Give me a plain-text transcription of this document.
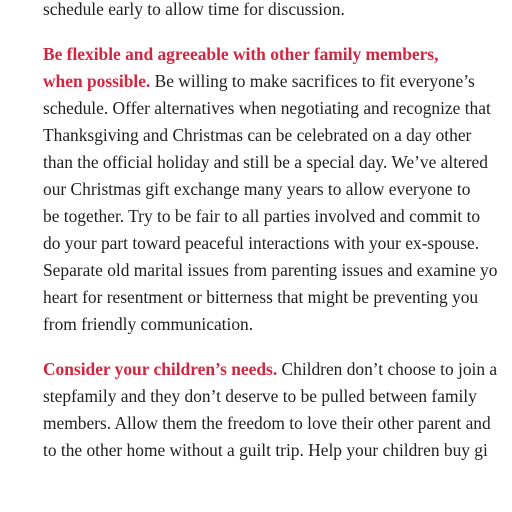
schedule early to allow time for discussion.
Be flexible and agreeable with other family members,
when possible. Be willing to make sacrifices to fit everyone’s
schedule. Offer alternatives when negotiating and recognize that
Thanksgiving and Christmas can be celebrated on a day other
than the official holiday and still be a special day. We’ve altered
our Christmas gift exchange many years to allow everyone to
be together. Try to be fair to all parties involved and commit to
do your part toward peaceful interactions with your ex-spouse.
Separate old marital issues from parenting issues and examine yo
heart for resentment or bitterness that might be preventing you
from friendly communication.
Consider your children’s needs. Children don’t choose to join a
stepfamily and they don’t deserve to be pulled between family
members. Allow them the freedom to love their other parent and
to the other home without a guilt trip. Help your children buy gi
